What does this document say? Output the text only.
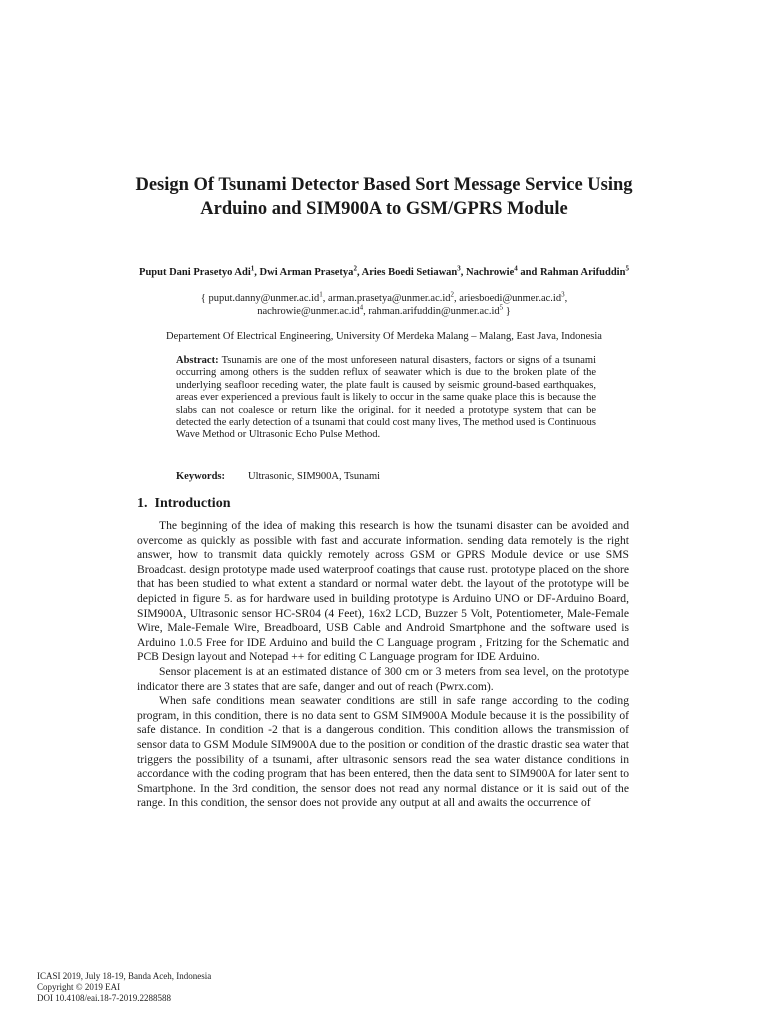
Design Of Tsunami Detector Based Sort Message Service Using Arduino and SIM900A to GSM/GPRS Module
Puput Dani Prasetyo Adi$^1$, Dwi Arman Prasetya$^2$, Aries Boedi Setiawan$^3$, Nachrowie$^4$ and Rahman Arifuddin$^5$
{ $puput.danny@unmer.ac.id^1$, $arman.prasetya@unmer.ac.id^2$, $ariesboedi@unmer.ac.id^3$,
$nachrowie@unmer.ac.id^4$, $rahman.arifuddin@unmer.ac.id^5$ }
Departement Of Electrical Engineering, University Of Merdeka Malang – Malang, East Java, Indonesia
Abstract: Tsunamis are one of the most unforeseen natural disasters, factors or signs of a tsunami occurring among others is the sudden reflux of seawater which is due to the broken plate of the underlying seafloor receding water, the plate fault is caused by seismic ground-based earthquakes, areas ever experienced a previous fault is likely to occur in the same quake place this is because the slabs can not coalesce or return like the original. for it needed a prototype system that can be detected the early detection of a tsunami that could cost many lives, The method used is Continuous Wave Method or Ultrasonic Echo Pulse Method.
Keywords: Ultrasonic, SIM900A, Tsunami
1. Introduction

The beginning of the idea of making this research is how the tsunami disaster can be avoided and overcome as quickly as possible with fast and accurate information. sending data remotely is the right answer, how to transmit data quickly remotely across GSM or GPRS Module device or use SMS Broadcast. design prototype made used waterproof coatings that cause rust. prototype placed on the shore that has been studied to what extent a standard or normal water debt. the layout of the prototype will be depicted in figure 5. as for hardware used in building prototype is Arduino UNO or DF-Arduino Board, SIM900A, Ultrasonic sensor HC-SR04 (4 Feet), 16x2 LCD, Buzzer 5 Volt, Potentiometer, Male-Female Wire, Male-Female Wire, Breadboard, USB Cable and Android Smartphone and the software used is Arduino 1.0.5 Free for IDE Arduino and build the C Language program , Fritzing for the Schematic and PCB Design layout and Notepad ++ for editing C Language program for IDE Arduino.

Sensor placement is at an estimated distance of 300 cm or 3 meters from sea level, on the prototype indicator there are 3 states that are safe, danger and out of reach (Pwrx.com).

When safe conditions mean seawater conditions are still in safe range according to the coding program, in this condition, there is no data sent to GSM SIM900A Module because it is the possibility of safe distance. In condition -2 that is a dangerous condition. This condition allows the transmission of sensor data to GSM Module SIM900A due to the position or condition of the drastic drastic sea water that triggers the possibility of a tsunami, after ultrasonic sensors read the sea water distance conditions in accordance with the coding program that has been entered, then the data sent to SIM900A for later sent to Smartphone. In the 3rd condition, the sensor does not read any normal distance or it is said out of the range. In this condition, the sensor does not provide any output at all and awaits the occurrence of

ICASI 2019, July 18-19, Banda Aceh, Indonesia
Copyright © 2019 EAI
DOI 10.4108/eai.18-7-2019.2288588
